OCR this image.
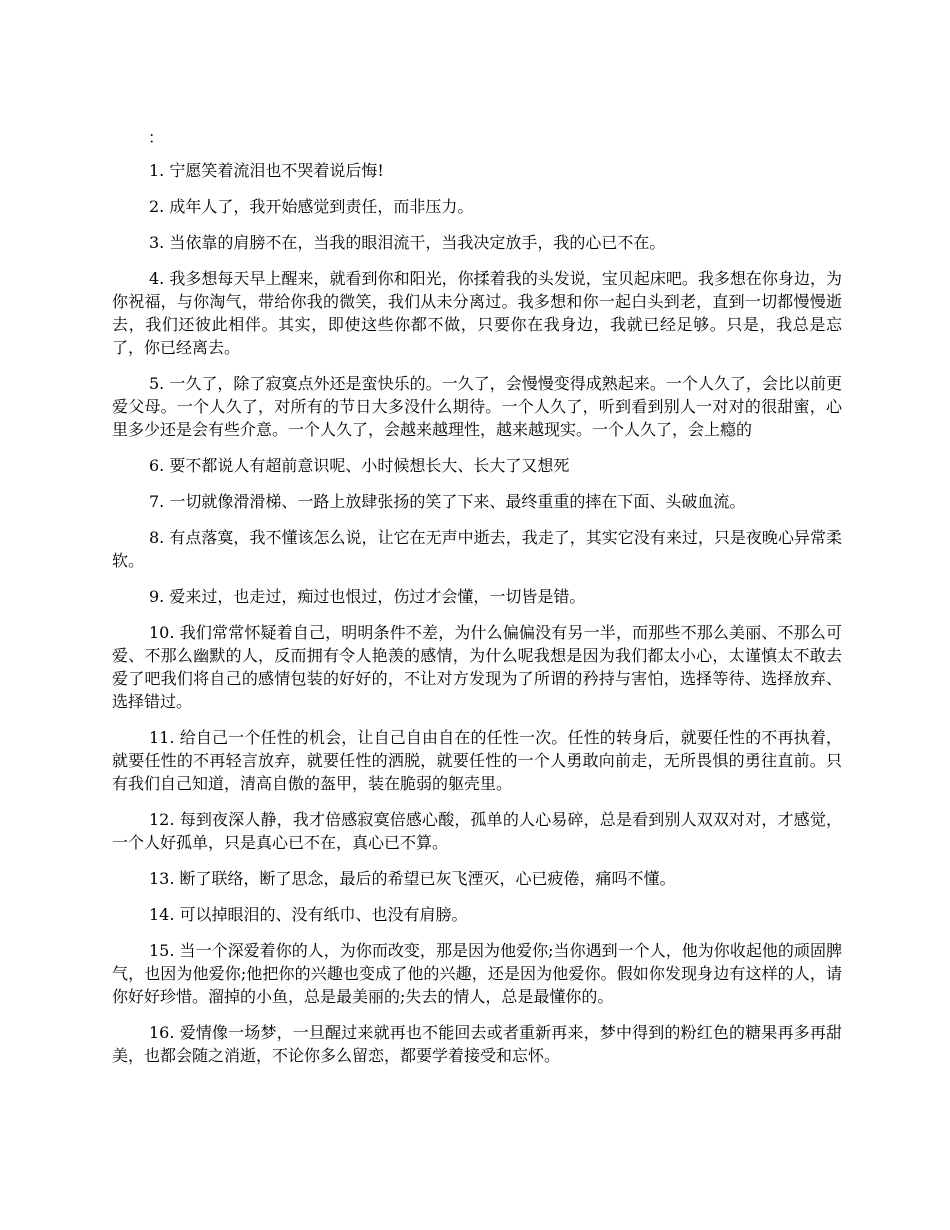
：

1. 宁愿笑着流泪也不哭着说后悔!

2. 成年人了，我开始感觉到责任，而非压力。

3. 当依靠的肩膀不在，当我的眼泪流干，当我决定放手，我的心已不在。

4. 我多想每天早上醒来，就看到你和阳光，你揉着我的头发说，宝贝起床吧。我多想在你身边，为你祝福，与你淘气，带给你我的微笑，我们从未分离过。我多想和你一起白头到老，直到一切都慢慢逝去，我们还彼此相伴。其实，即使这些你都不做，只要你在我身边，我就已经足够。只是，我总是忘了，你已经离去。

5. 一久了，除了寂寞点外还是蛮快乐的。一久了，会慢慢变得成熟起来。一个人久了，会比以前更爱父母。一个人久了，对所有的节日大多没什么期待。一个人久了，听到看到别人一对对的很甜蜜，心里多少还是会有些介意。一个人久了，会越来越理性，越来越现实。一个人久了，会上瘾的

6. 要不都说人有超前意识呢、小时候想长大、长大了又想死

7. 一切就像滑滑梯、一路上放肆张扬的笑了下来、最终重重的摔在下面、头破血流。

8. 有点落寞，我不懂该怎么说，让它在无声中逝去，我走了，其实它没有来过，只是夜晚心异常柔软。

9. 爱来过，也走过，痴过也恨过，伤过才会懂，一切皆是错。

10. 我们常常怀疑着自己，明明条件不差，为什么偏偏没有另一半，而那些不那么美丽、不那么可爱、不那么幽默的人，反而拥有令人艳羡的感情，为什么呢我想是因为我们都太小心，太谨慎太不敢去爱了吧我们将自己的感情包装的好好的，不让对方发现为了所谓的矜持与害怕，选择等待、选择放弃、选择错过。

11. 给自己一个任性的机会，让自己自由自在的任性一次。任性的转身后，就要任性的不再执着，就要任性的不再轻言放弃，就要任性的洒脱，就要任性的一个人勇敢向前走，无所畏惧的勇往直前。只有我们自己知道，清高自傲的盔甲，装在脆弱的躯壳里。

12. 每到夜深人静，我才倍感寂寞倍感心酸，孤单的人心易碎，总是看到别人双双对对，才感觉，一个人好孤单，只是真心已不在，真心已不算。

13. 断了联络，断了思念，最后的希望已灰飞湮灭，心已疲倦，痛吗不懂。

14. 可以掉眼泪的、没有纸巾、也没有肩膀。

15. 当一个深爱着你的人，为你而改变，那是因为他爱你;当你遇到一个人，他为你收起他的顽固脾气，也因为他爱你;他把你的兴趣也变成了他的兴趣，还是因为他爱你。假如你发现身边有这样的人，请你好好珍惜。溜掉的小鱼，总是最美丽的;失去的情人，总是最懂你的。

16. 爱情像一场梦，一旦醒过来就再也不能回去或者重新再来，梦中得到的粉红色的糖果再多再甜美，也都会随之消逝，不论你多么留恋，都要学着接受和忘怀。
